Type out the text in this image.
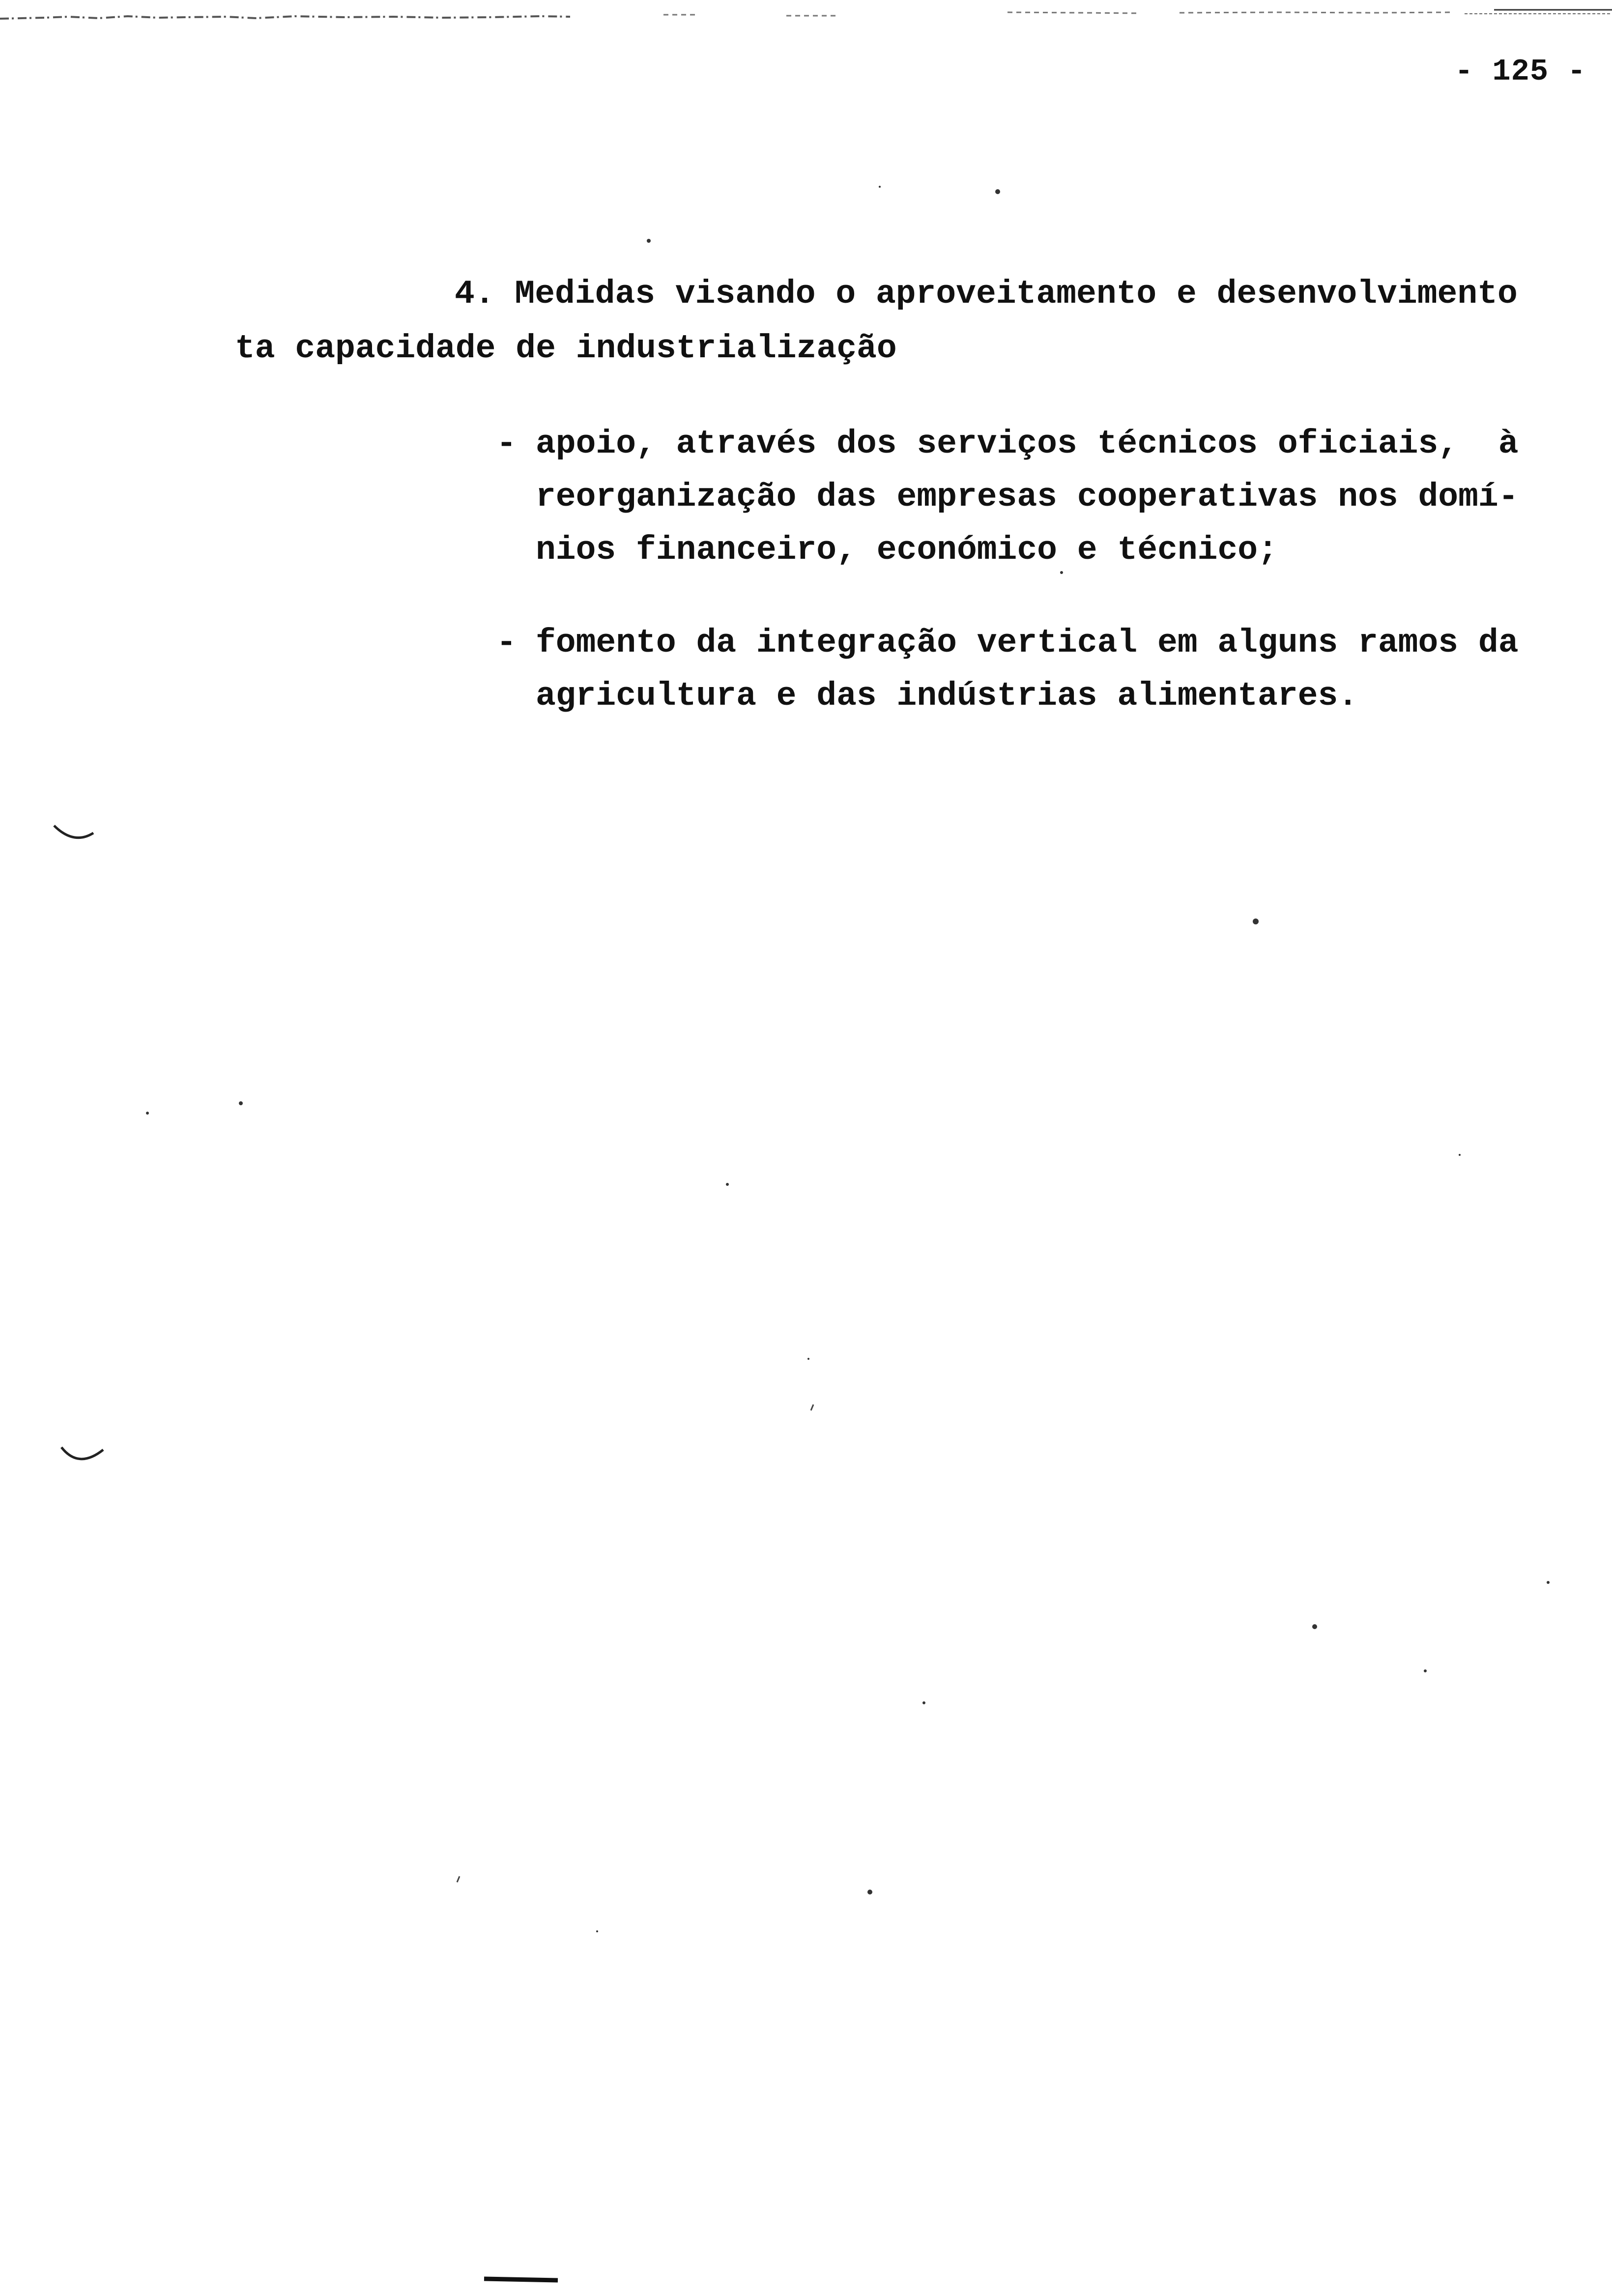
- 125 -
4. Medidas visando o aproveitamento e desenvolvimento
ta capacidade de industrialização
- apoio, através dos serviços técnicos oficiais,  à
reorganização das empresas cooperativas nos domí-
nios financeiro, económico e técnico;
- fomento da integração vertical em alguns ramos da
agricultura e das indústrias alimentares.
